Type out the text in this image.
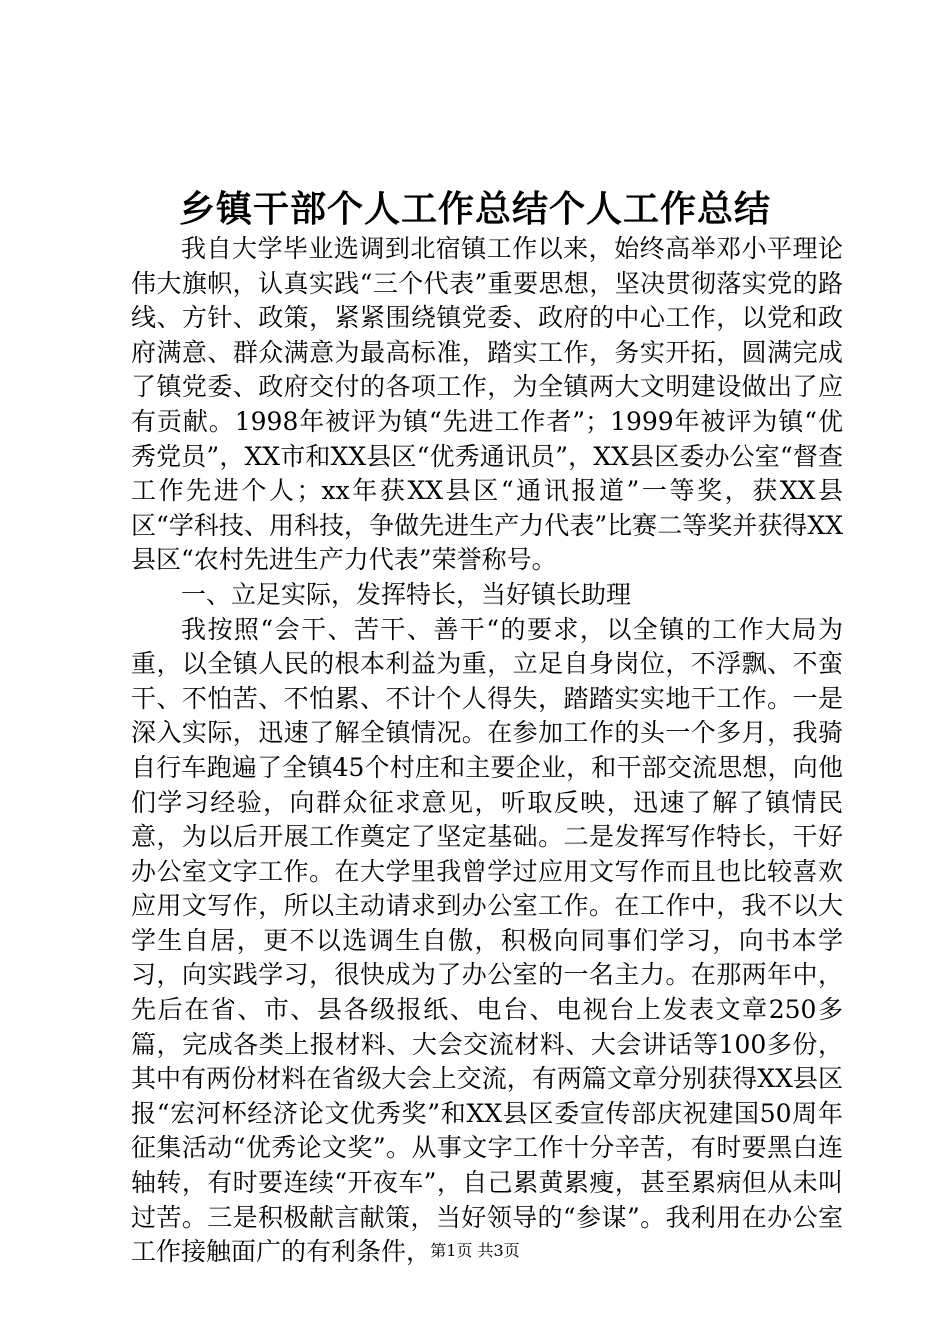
乡镇干部个人工作总结个人工作总结

我自大学毕业选调到北宿镇工作以来，始终高举邓小平理论伟大旗帜，认真实践“三个代表”重要思想，坚决贯彻落实党的路线、方针、政策，紧紧围绕镇党委、政府的中心工作，以党和政府满意、群众满意为最高标准，踏实工作，务实开拓，圆满完成了镇党委、政府交付的各项工作，为全镇两大文明建设做出了应有贡献。1998年被评为镇“先进工作者”；1999年被评为镇“优秀党员”，XX市和XX县区“优秀通讯员”，XX县区委办公室“督查工作先进个人；xx年获XX县区“通讯报道”一等奖，获XX县区“学科技、用科技，争做先进生产力代表”比赛二等奖并获得XX县区“农村先进生产力代表”荣誉称号。

一、立足实际，发挥特长，当好镇长助理

我按照“会干、苦干、善干“的要求，以全镇的工作大局为重，以全镇人民的根本利益为重，立足自身岗位，不浮飘、不蛮干、不怕苦、不怕累、不计个人得失，踏踏实实地干工作。一是深入实际，迅速了解全镇情况。在参加工作的头一个多月，我骑自行车跑遍了全镇45个村庄和主要企业，和干部交流思想，向他们学习经验，向群众征求意见，听取反映，迅速了解了镇情民意，为以后开展工作奠定了坚定基础。二是发挥写作特长，干好办公室文字工作。在大学里我曾学过应用文写作而且也比较喜欢应用文写作，所以主动请求到办公室工作。在工作中，我不以大学生自居，更不以选调生自傲，积极向同事们学习，向书本学习，向实践学习，很快成为了办公室的一名主力。在那两年中，先后在省、市、县各级报纸、电台、电视台上发表文章250多篇，完成各类上报材料、大会交流材料、大会讲话等100多份，其中有两份材料在省级大会上交流，有两篇文章分别获得XX县区报“宏河杯经济论文优秀奖”和XX县区委宣传部庆祝建国50周年征集活动“优秀论文奖”。从事文字工作十分辛苦，有时要黑白连轴转，有时要连续“开夜车”，自己累黄累瘦，甚至累病但从未叫过苦。三是积极献言献策，当好领导的“参谋”。我利用在办公室工作接触面广的有利条件， 第1页 共3页
